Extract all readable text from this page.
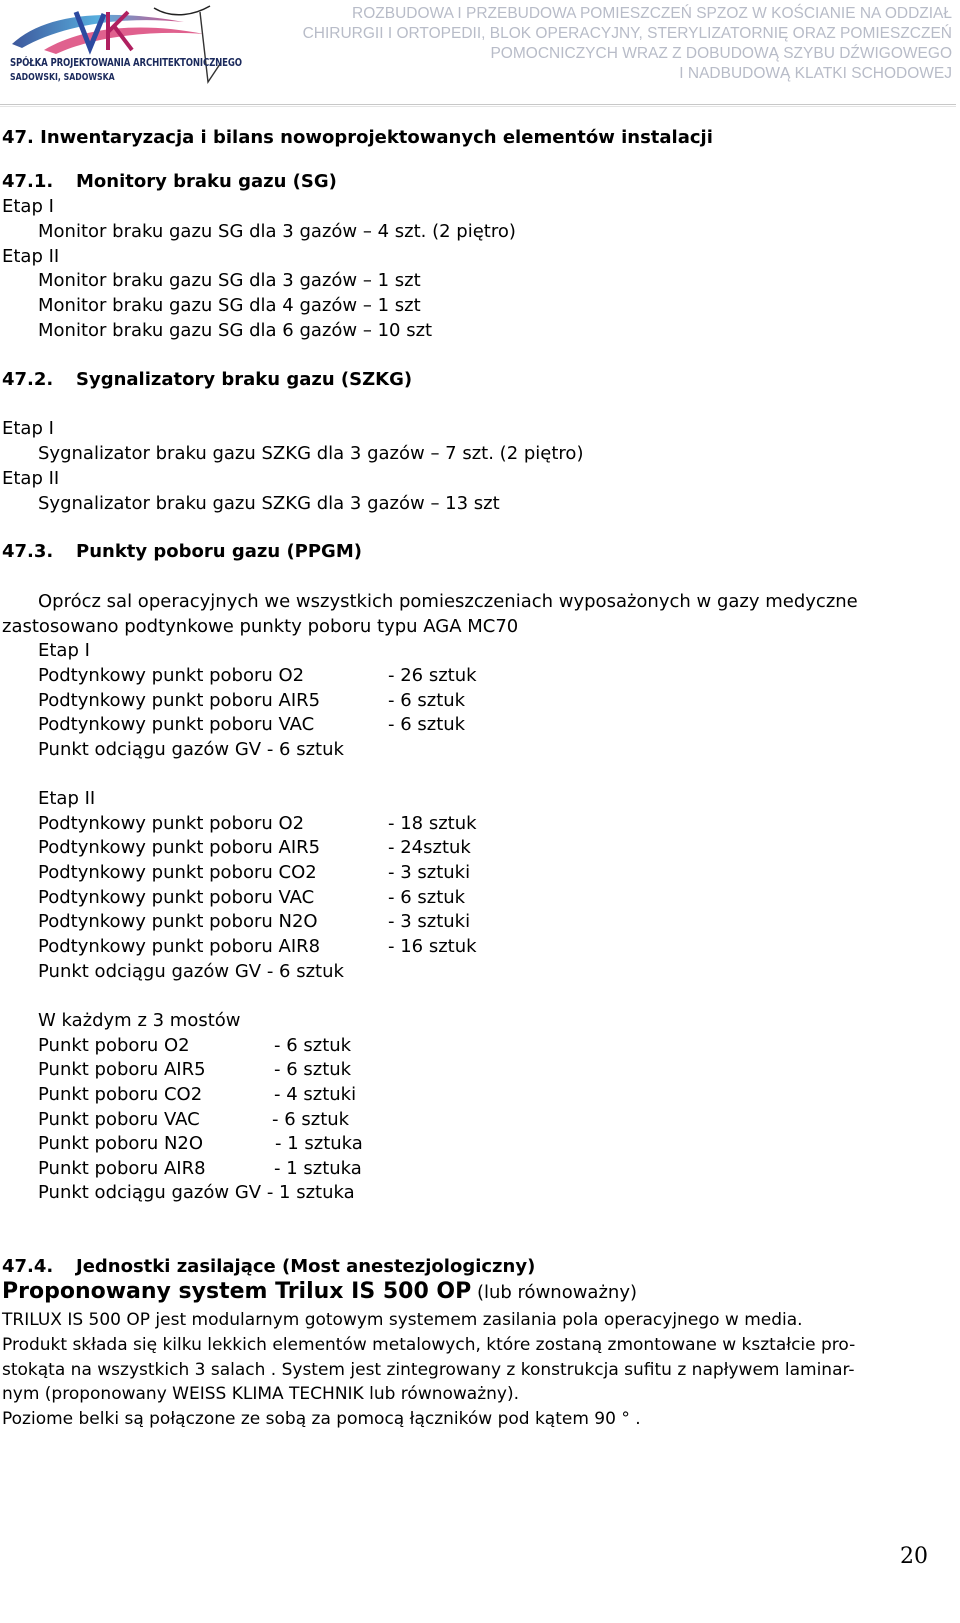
SPÓŁKA PROJEKTOWANIA ARCHITEKTONICZNEGO
SADOWSKI, SADOWSKA
ROZBUDOWA I PRZEBUDOWA POMIESZCZEŃ SPZOZ W KOŚCIANIE NA ODDZIAŁ
CHIRURGII I ORTOPEDII, BLOK OPERACYJNY, STERYLIZATORNIĘ ORAZ POMIESZCZEŃ
POMOCNICZYCH WRAZ Z DOBUDOWĄ SZYBU DŹWIGOWEGO
I NADBUDOWĄ KLATKI SCHODOWEJ
47. Inwentaryzacja i bilans nowoprojektowanych elementów instalacji
47.1. Monitory braku gazu (SG)
Etap I
Monitor braku gazu SG dla 3 gazów – 4 szt. (2 piętro)
Etap II
Monitor braku gazu SG dla 3 gazów – 1 szt
Monitor braku gazu SG dla 4 gazów – 1 szt
Monitor braku gazu SG dla 6 gazów – 10 szt
47.2. Sygnalizatory braku gazu (SZKG)
Etap I
Sygnalizator braku gazu SZKG dla 3 gazów – 7 szt. (2 piętro)
Etap II
Sygnalizator braku gazu SZKG dla 3 gazów – 13 szt
47.3. Punkty poboru gazu (PPGM)
Oprócz sal operacyjnych we wszystkich pomieszczeniach wyposażonych w gazy medyczne
zastosowano podtynkowe punkty poboru typu AGA MC70
Etap I
Podtynkowy punkt poboru O2	- 26 sztuk
Podtynkowy punkt poboru AIR5	- 6 sztuk
Podtynkowy punkt poboru VAC	- 6 sztuk
Punkt odciągu gazów GV - 6 sztuk
Etap II
Podtynkowy punkt poboru O2	- 18 sztuk
Podtynkowy punkt poboru AIR5	- 24sztuk
Podtynkowy punkt poboru CO2	- 3 sztuki
Podtynkowy punkt poboru VAC	- 6 sztuk
Podtynkowy punkt poboru N2O	- 3 sztuki
Podtynkowy punkt poboru AIR8	- 16 sztuk
Punkt odciągu gazów GV - 6 sztuk
W każdym z 3 mostów
Punkt poboru O2	- 6 sztuk
Punkt poboru AIR5	- 6 sztuk
Punkt poboru CO2	- 4 sztuki
Punkt poboru VAC	- 6 sztuk
Punkt poboru N2O	- 1 sztuka
Punkt poboru AIR8	- 1 sztuka
Punkt odciągu gazów GV - 1 sztuka
47.4. Jednostki zasilające (Most anestezjologiczny)
Proponowany system Trilux IS 500 OP (lub równoważny)
TRILUX IS 500 OP jest modularnym gotowym systemem zasilania pola operacyjnego w media.
Produkt składa się kilku lekkich elementów metalowych, które zostaną zmontowane w kształcie pro-
stokąta na wszystkich 3 salach . System jest zintegrowany z konstrukcja sufitu z napływem laminar-
nym (proponowany WEISS KLIMA TECHNIK lub równoważny).
Poziome belki są połączone ze sobą za pomocą łączników pod kątem 90 ° .
20
